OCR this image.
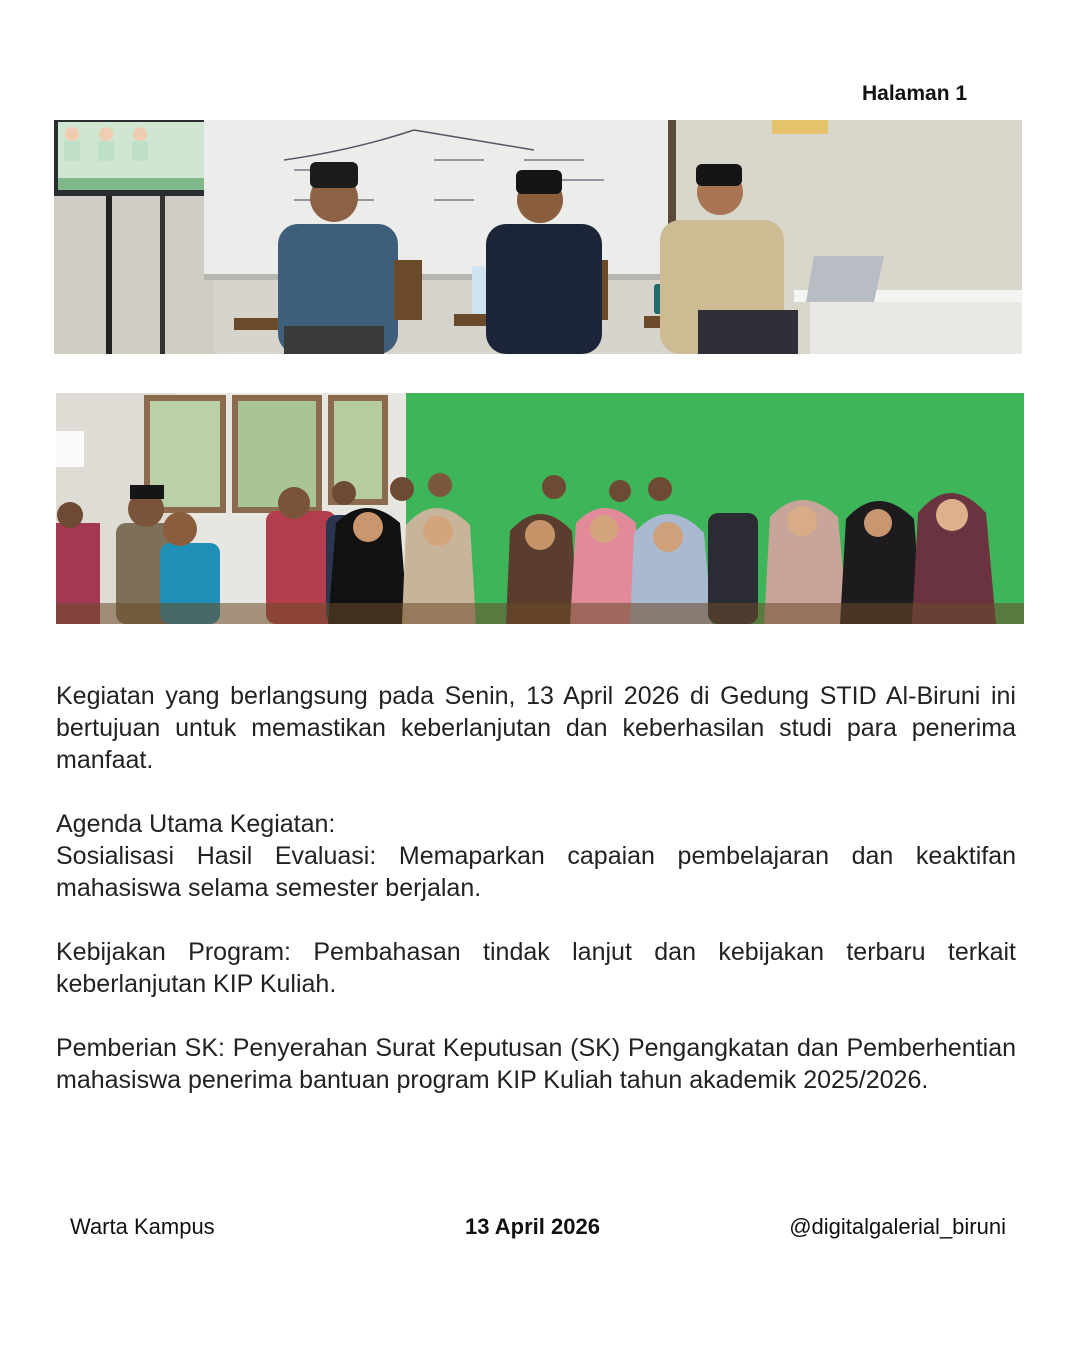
Halaman 1

Kegiatan yang berlangsung pada Senin, 13 April 2026 di Gedung STID Al-Biruni ini bertujuan untuk memastikan keberlanjutan dan keberhasilan studi para penerima manfaat.

Agenda Utama Kegiatan:
Sosialisasi Hasil Evaluasi: Memaparkan capaian pembelajaran dan keaktifan mahasiswa selama semester berjalan.

Kebijakan Program: Pembahasan tindak lanjut dan kebijakan terbaru terkait keberlanjutan KIP Kuliah.

Pemberian SK: Penyerahan Surat Keputusan (SK) Pengangkatan dan Pemberhentian mahasiswa penerima bantuan program KIP Kuliah tahun akademik 2025/2026.

Warta Kampus	13 April 2026	@digitalgalerial_biruni
